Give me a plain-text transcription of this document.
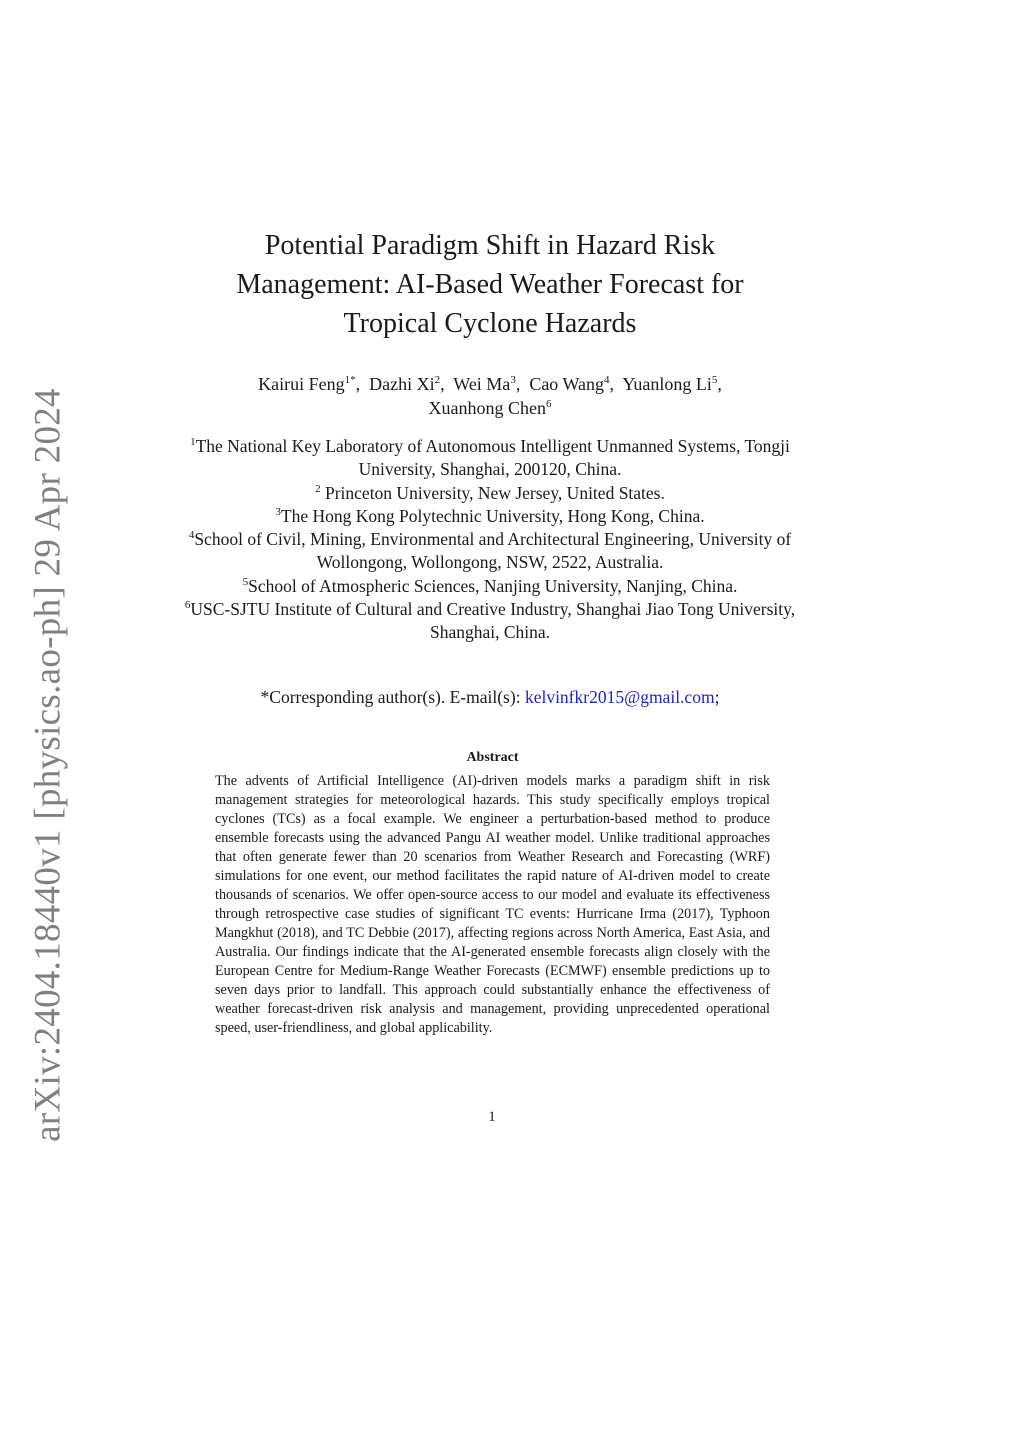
arXiv:2404.18440v1 [physics.ao-ph] 29 Apr 2024
Potential Paradigm Shift in Hazard Risk
Management: AI-Based Weather Forecast for
Tropical Cyclone Hazards
Kairui Feng$^{1*}$,  Dazhi Xi$^2$,  Wei Ma$^3$,  Cao Wang$^4$,  Yuanlong Li$^5$,
Xuanhong Chen$^6$
$^1$The National Key Laboratory of Autonomous Intelligent Unmanned Systems, Tongji University, Shanghai, 200120, China.
$^2$ Princeton University, New Jersey, United States.
$^3$The Hong Kong Polytechnic University, Hong Kong, China.
$^4$School of Civil, Mining, Environmental and Architectural Engineering, University of Wollongong, Wollongong, NSW, 2522, Australia.
$^5$School of Atmospheric Sciences, Nanjing University, Nanjing, China.
$^6$USC-SJTU Institute of Cultural and Creative Industry, Shanghai Jiao Tong University, Shanghai, China.
*Corresponding author(s). E-mail(s): kelvinfkr2015@gmail.com;
Abstract
The advents of Artificial Intelligence (AI)-driven models marks a paradigm shift in risk management strategies for meteorological hazards. This study specifically employs tropical cyclones (TCs) as a focal example. We engineer a perturbation-based method to produce ensemble forecasts using the advanced Pangu AI weather model. Unlike traditional approaches that often generate fewer than 20 scenarios from Weather Research and Forecasting (WRF) simulations for one event, our method facilitates the rapid nature of AI-driven model to create thousands of scenarios. We offer open-source access to our model and evaluate its effectiveness through retrospective case studies of significant TC events: Hurricane Irma (2017), Typhoon Mangkhut (2018), and TC Debbie (2017), affecting regions across North America, East Asia, and Australia. Our findings indicate that the AI-generated ensemble forecasts align closely with the European Centre for Medium-Range Weather Forecasts (ECMWF) ensemble predictions up to seven days prior to landfall. This approach could substantially enhance the effectiveness of weather forecast-driven risk analysis and management, providing unprecedented operational speed, user-friendliness, and global applicability.
1
